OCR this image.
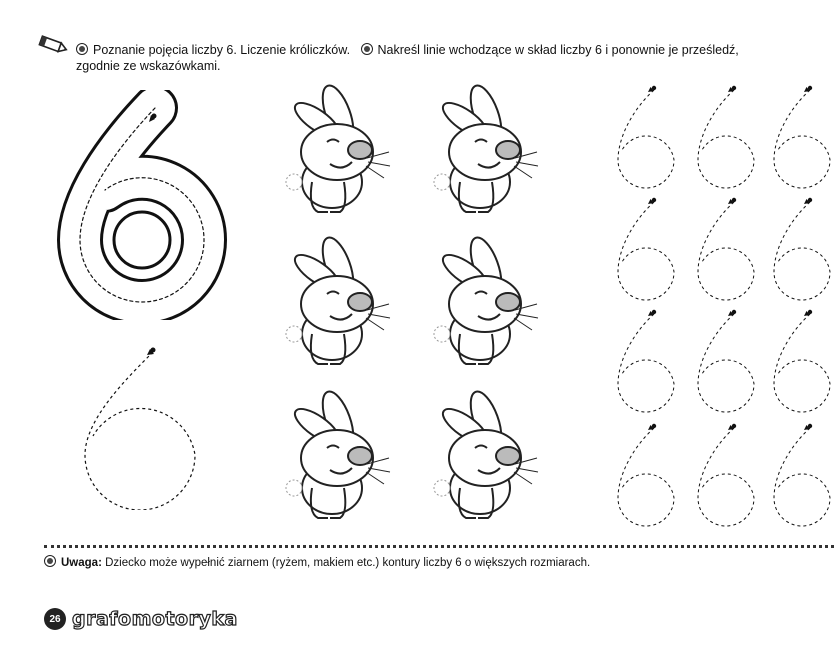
Poznanie pojęcia liczby 6. Liczenie króliczków. Nakreśl linie wchodzące w skład liczby 6 i ponownie je prześledź,
zgodnie ze wskazówkami.
Uwaga: Dziecko może wypełnić ziarnem (ryżem, makiem etc.) kontury liczby 6 o większych rozmiarach.
26 grafomotoryka
